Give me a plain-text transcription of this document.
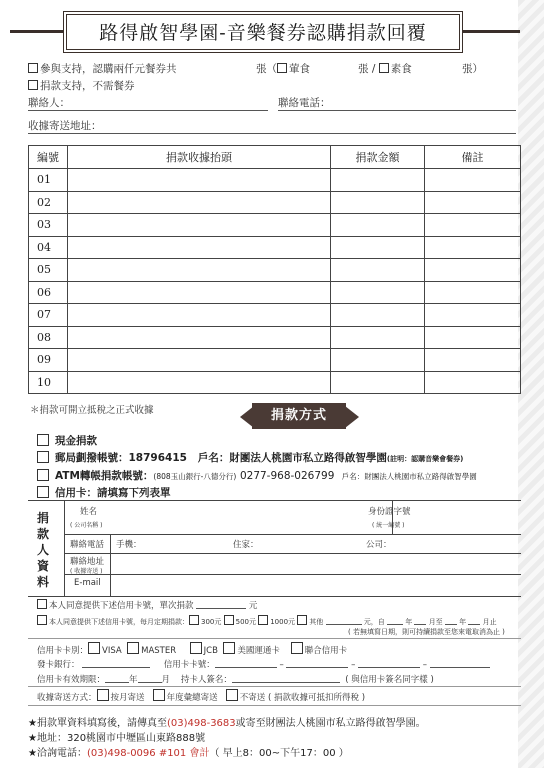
路得啟智學園-音樂餐券認購捐款回覆
參與支持，認購兩仟元餐券共	張（ 葷食	張 / 素食	張）
捐款支持，不需餐券
聯絡人：	聯絡電話：
收據寄送地址：
編號	捐款收據抬頭	捐款金額	備註
01			
02			
03			
04			
05			
06			
07			
08			
09			
10			
＊捐款可開立抵稅之正式收據	捐款方式
現金捐款
郵局劃撥帳號：18796415 戶名：財團法人桃園市私立路得啟智學園(註明：認購音樂會餐券)
ATM轉帳捐款帳號：(808玉山銀行-八德分行) 0277-968-026799 戶名：財團法人桃園市私立路得啟智學園
信用卡：請填寫下列表單
捐
款
人
資
料
姓名
( 公司名稱 )
身份證字號
( 統一編號 )
聯絡電話 手機：	住家：	公司：
聯絡地址
( 收據寄送 )
E-mail
本人同意提供下述信用卡號，單次捐款	元
本人同意提供下述信用卡號，每月定期捐款： 300元 500元 1000元 其他	元，自	年 月至 年 月止
( 若無填寫日期，則可持續捐款至您來電取消為止 )
信用卡卡別： VISA MASTER	JCB 美國運通卡	聯合信用卡
發卡銀行：	信用卡卡號：	–	–	–
信用卡有效期限：	年	月 持卡人簽名：	( 與信用卡簽名同字樣 )
收據寄送方式： 按月寄送	年度彙總寄送	不寄送 ( 捐款收據可抵扣所得稅 )
★捐款單資料填寫後，請傳真至(03)498-3683或寄至財團法人桃園市私立路得啟智學園。
★地址：320桃園市中壢區山東路888號
★洽詢電話：(03)498-0096 #101 會計（ 早上8：00~下午17：00 ）
